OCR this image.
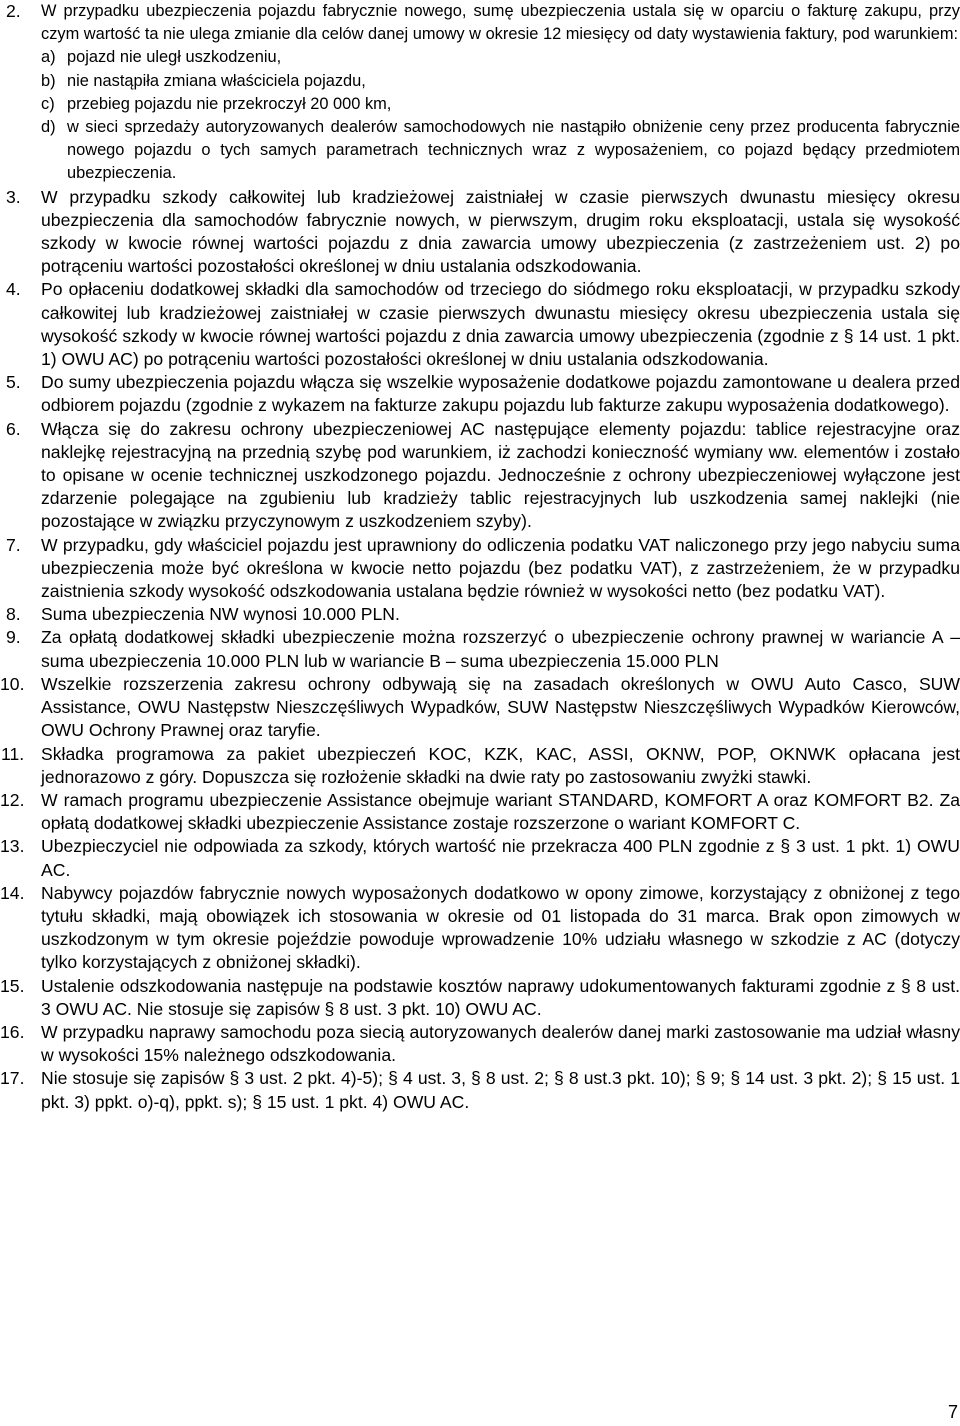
2. W przypadku ubezpieczenia pojazdu fabrycznie nowego, sumę ubezpieczenia ustala się w oparciu o fakturę zakupu, przy czym wartość ta nie ulega zmianie dla celów danej umowy w okresie 12 miesięcy od daty wystawienia faktury, pod warunkiem:
a) pojazd nie uległ uszkodzeniu,
b) nie nastąpiła zmiana właściciela pojazdu,
c) przebieg pojazdu nie przekroczył 20 000 km,
d) w sieci sprzedaży autoryzowanych dealerów samochodowych nie nastąpiło obniżenie ceny przez producenta fabrycznie nowego pojazdu o tych samych parametrach technicznych wraz z wyposażeniem, co pojazd będący przedmiotem ubezpieczenia.
3. W przypadku szkody całkowitej lub kradzieżowej zaistniałej w czasie pierwszych dwunastu miesięcy okresu ubezpieczenia dla samochodów fabrycznie nowych, w pierwszym, drugim roku eksploatacji, ustala się wysokość szkody w kwocie równej wartości pojazdu z dnia zawarcia umowy ubezpieczenia (z zastrzeżeniem ust. 2) po potrąceniu wartości pozostałości określonej w dniu ustalania odszkodowania.
4. Po opłaceniu dodatkowej składki dla samochodów od trzeciego do siódmego roku eksploatacji, w przypadku szkody całkowitej lub kradzieżowej zaistniałej w czasie pierwszych dwunastu miesięcy okresu ubezpieczenia ustala się wysokość szkody w kwocie równej wartości pojazdu z dnia zawarcia umowy ubezpieczenia (zgodnie z § 14 ust. 1 pkt. 1) OWU AC) po potrąceniu wartości pozostałości określonej w dniu ustalania odszkodowania.
5. Do sumy ubezpieczenia pojazdu włącza się wszelkie wyposażenie dodatkowe pojazdu zamontowane u dealera przed odbiorem pojazdu (zgodnie z wykazem na fakturze zakupu pojazdu lub fakturze zakupu wyposażenia dodatkowego).
6. Włącza się do zakresu ochrony ubezpieczeniowej AC następujące elementy pojazdu: tablice rejestracyjne oraz naklejkę rejestracyjną na przednią szybę pod warunkiem, iż zachodzi konieczność wymiany ww. elementów i zostało to opisane w ocenie technicznej uszkodzonego pojazdu. Jednocześnie z ochrony ubezpieczeniowej wyłączone jest zdarzenie polegające na zgubieniu lub kradzieży tablic rejestracyjnych lub uszkodzenia samej naklejki (nie pozostające w związku przyczynowym z uszkodzeniem szyby).
7. W przypadku, gdy właściciel pojazdu jest uprawniony do odliczenia podatku VAT naliczonego przy jego nabyciu suma ubezpieczenia może być określona w kwocie netto pojazdu (bez podatku VAT), z zastrzeżeniem, że w przypadku zaistnienia szkody wysokość odszkodowania ustalana będzie również w wysokości netto (bez podatku VAT).
8. Suma ubezpieczenia NW wynosi 10.000 PLN.
9. Za opłatą dodatkowej składki ubezpieczenie można rozszerzyć o ubezpieczenie ochrony prawnej w wariancie A – suma ubezpieczenia 10.000 PLN lub w wariancie B – suma ubezpieczenia 15.000 PLN
10. Wszelkie rozszerzenia zakresu ochrony odbywają się na zasadach określonych w OWU Auto Casco, SUW Assistance, OWU Następstw Nieszczęśliwych Wypadków, SUW Następstw Nieszczęśliwych Wypadków Kierowców, OWU Ochrony Prawnej oraz taryfie.
11. Składka programowa za pakiet ubezpieczeń KOC, KZK, KAC, ASSI, OKNW, POP, OKNWK opłacana jest jednorazowo z góry. Dopuszcza się rozłożenie składki na dwie raty po zastosowaniu zwyżki stawki.
12. W ramach programu ubezpieczenie Assistance obejmuje wariant STANDARD, KOMFORT A oraz KOMFORT B2. Za opłatą dodatkowej składki ubezpieczenie Assistance zostaje rozszerzone o wariant KOMFORT C.
13. Ubezpieczyciel nie odpowiada za szkody, których wartość nie przekracza 400 PLN zgodnie z § 3 ust. 1 pkt. 1) OWU AC.
14. Nabywcy pojazdów fabrycznie nowych wyposażonych dodatkowo w opony zimowe, korzystający z obniżonej z tego tytułu składki, mają obowiązek ich stosowania w okresie od 01 listopada do 31 marca. Brak opon zimowych w uszkodzonym w tym okresie pojeździe powoduje wprowadzenie 10% udziału własnego w szkodzie z AC (dotyczy tylko korzystających z obniżonej składki).
15. Ustalenie odszkodowania następuje na podstawie kosztów naprawy udokumentowanych fakturami zgodnie z § 8 ust. 3 OWU AC. Nie stosuje się zapisów § 8 ust. 3 pkt. 10) OWU AC.
16. W przypadku naprawy samochodu poza siecią autoryzowanych dealerów danej marki zastosowanie ma udział własny w wysokości 15% należnego odszkodowania.
17. Nie stosuje się zapisów § 3 ust. 2 pkt. 4)-5); § 4 ust. 3, § 8 ust. 2; § 8 ust.3 pkt. 10); § 9; § 14 ust. 3 pkt. 2); § 15 ust. 1 pkt. 3) ppkt. o)-q), ppkt. s); § 15 ust. 1 pkt. 4) OWU AC.
7
